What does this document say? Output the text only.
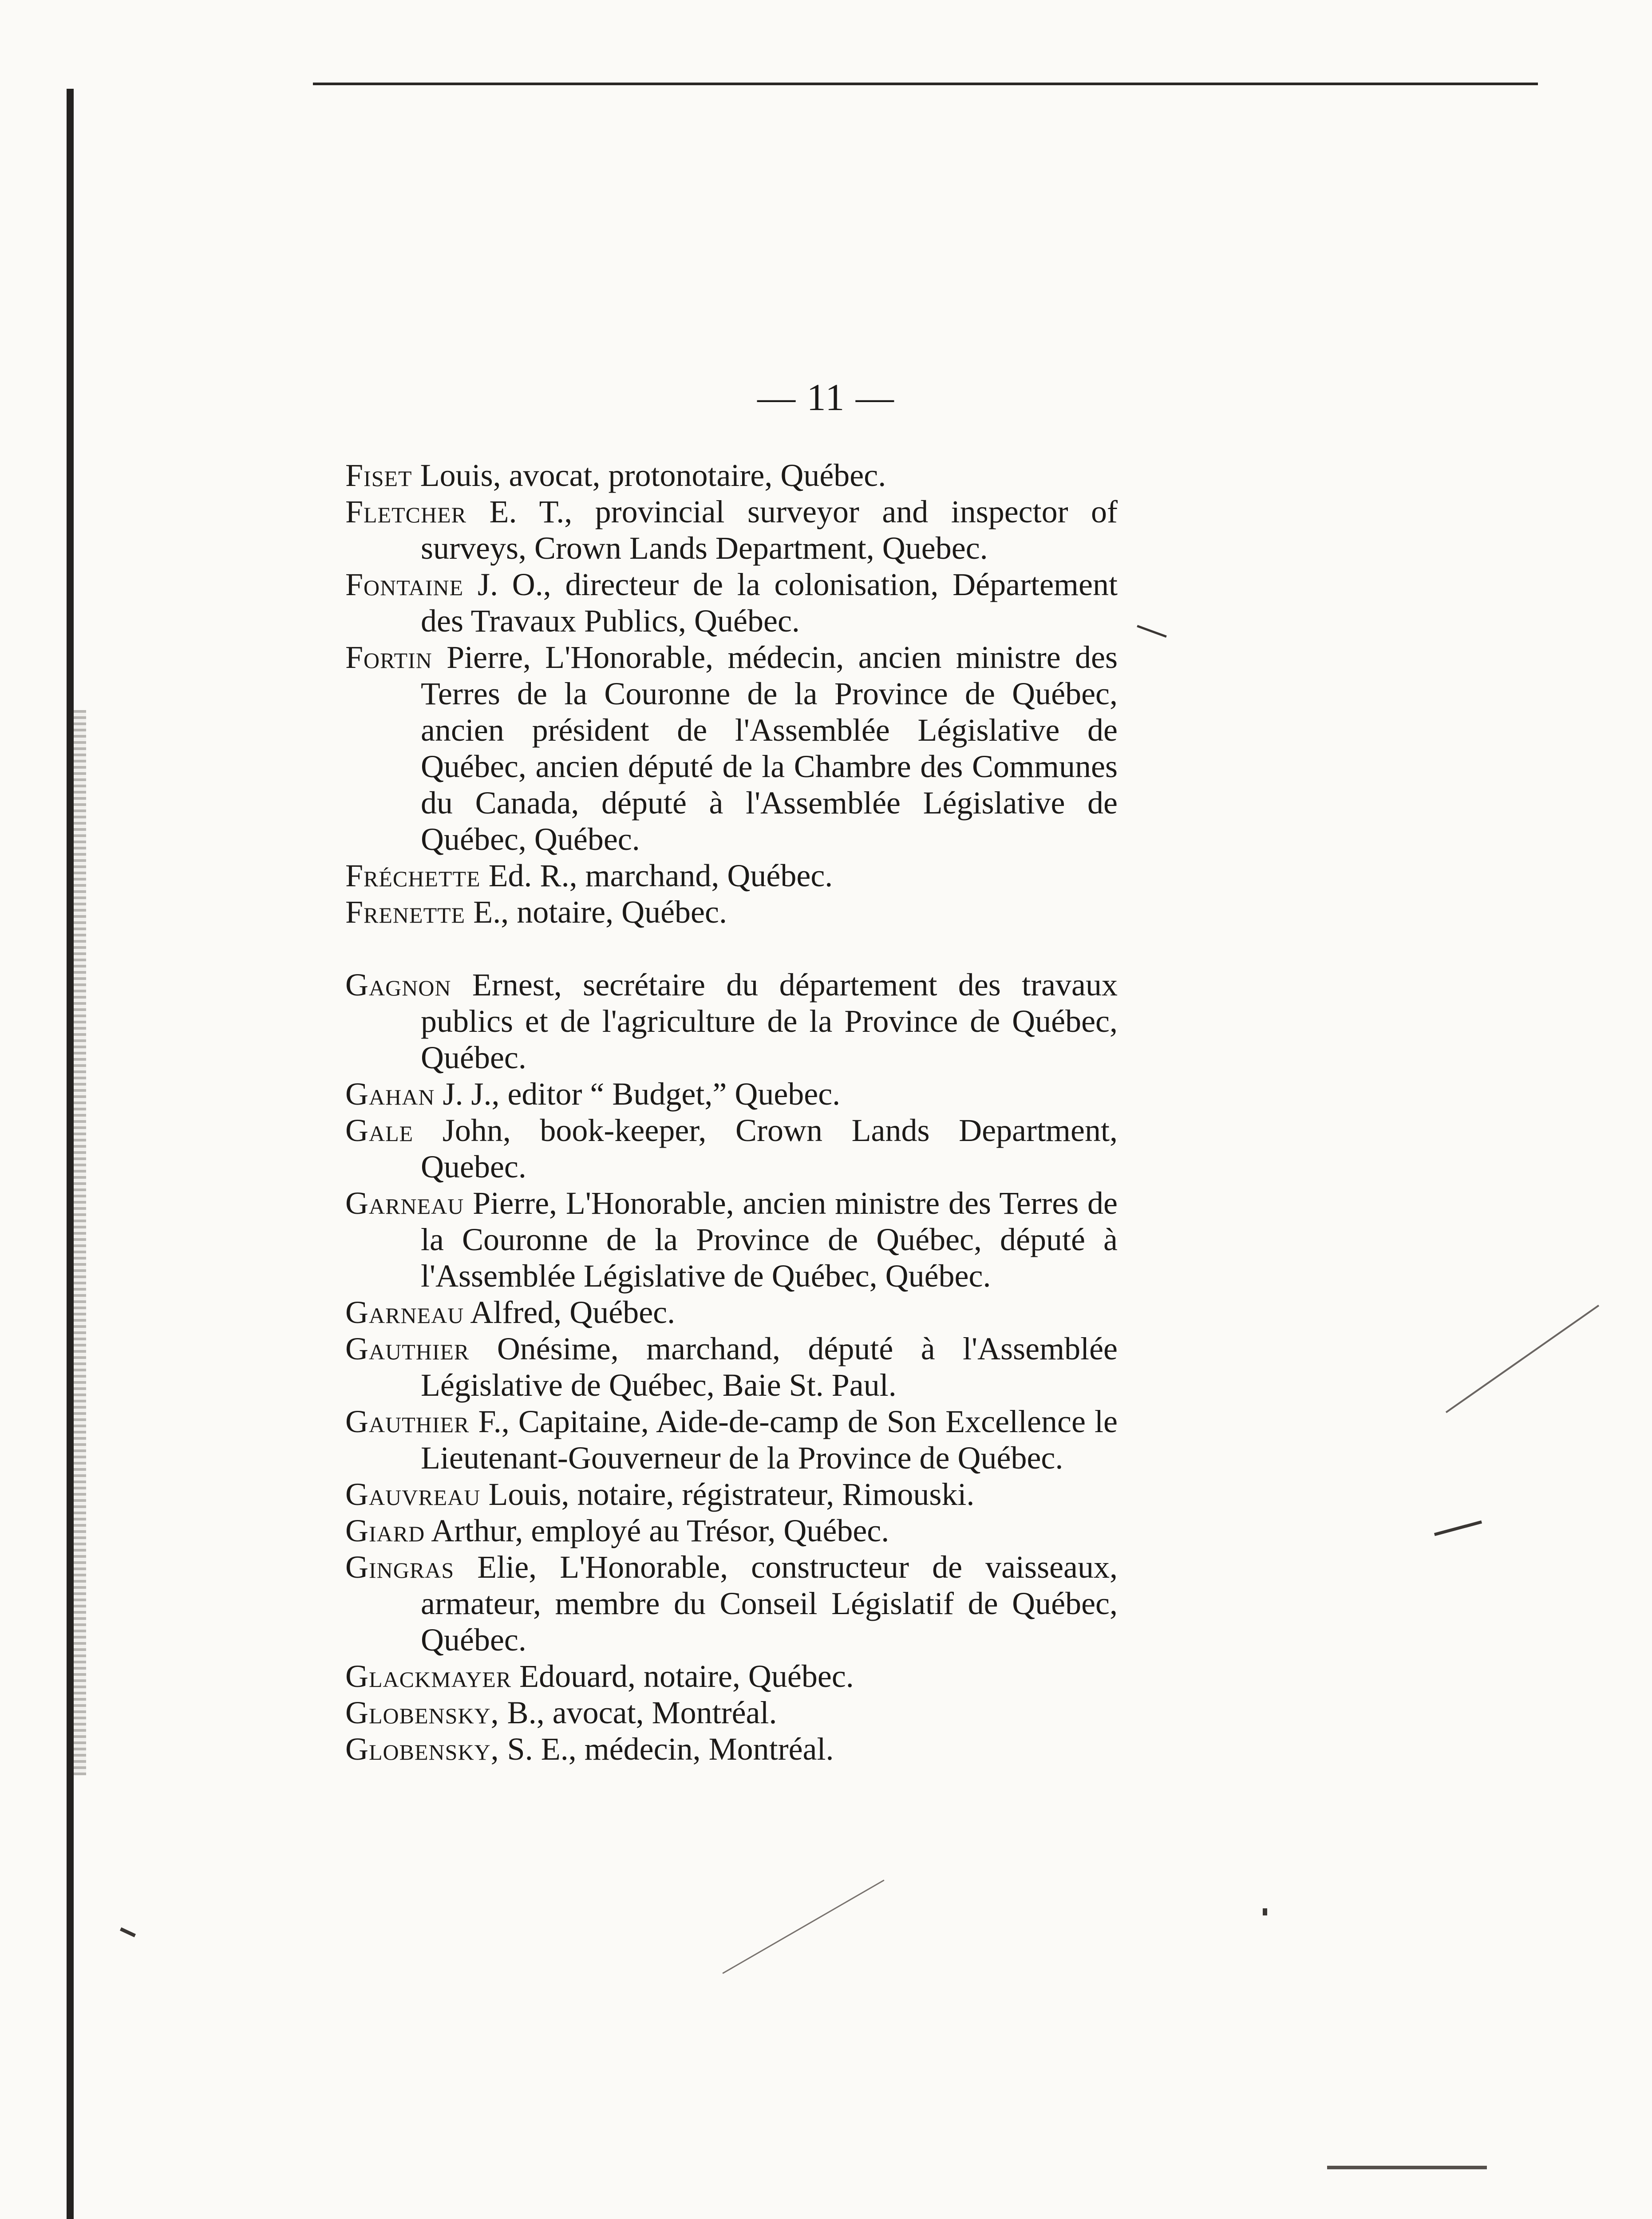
— 11 —

Fiset Louis, avocat, protonotaire, Québec.

Fletcher E. T., provincial surveyor and inspector of surveys, Crown Lands Department, Quebec.

Fontaine J. O., directeur de la colonisation, Département des Travaux Publics, Québec.

Fortin Pierre, L'Honorable, médecin, ancien ministre des Terres de la Couronne de la Province de Québec, ancien président de l'Assemblée Législative de Québec, ancien député de la Chambre des Communes du Canada, député à l'Assemblée Législative de Québec, Québec.

Fréchette Ed. R., marchand, Québec.

Frenette E., notaire, Québec.

Gagnon Ernest, secrétaire du département des travaux publics et de l'agriculture de la Province de Québec, Québec.

Gahan J. J., editor “ Budget,” Quebec.

Gale John, book-keeper, Crown Lands Department, Quebec.

Garneau Pierre, L'Honorable, ancien ministre des Terres de la Couronne de la Province de Québec, député à l'Assemblée Législative de Québec, Québec.

Garneau Alfred, Québec.

Gauthier Onésime, marchand, député à l'Assemblée Législative de Québec, Baie St. Paul.

Gauthier F., Capitaine, Aide-de-camp de Son Excellence le Lieutenant-Gouverneur de la Province de Québec.

Gauvreau Louis, notaire, régistrateur, Rimouski.

Giard Arthur, employé au Trésor, Québec.

Gingras Elie, L'Honorable, constructeur de vaisseaux, armateur, membre du Conseil Législatif de Québec, Québec.

Glackmayer Edouard, notaire, Québec.

Globensky, B., avocat, Montréal.

Globensky, S. E., médecin, Montréal.
